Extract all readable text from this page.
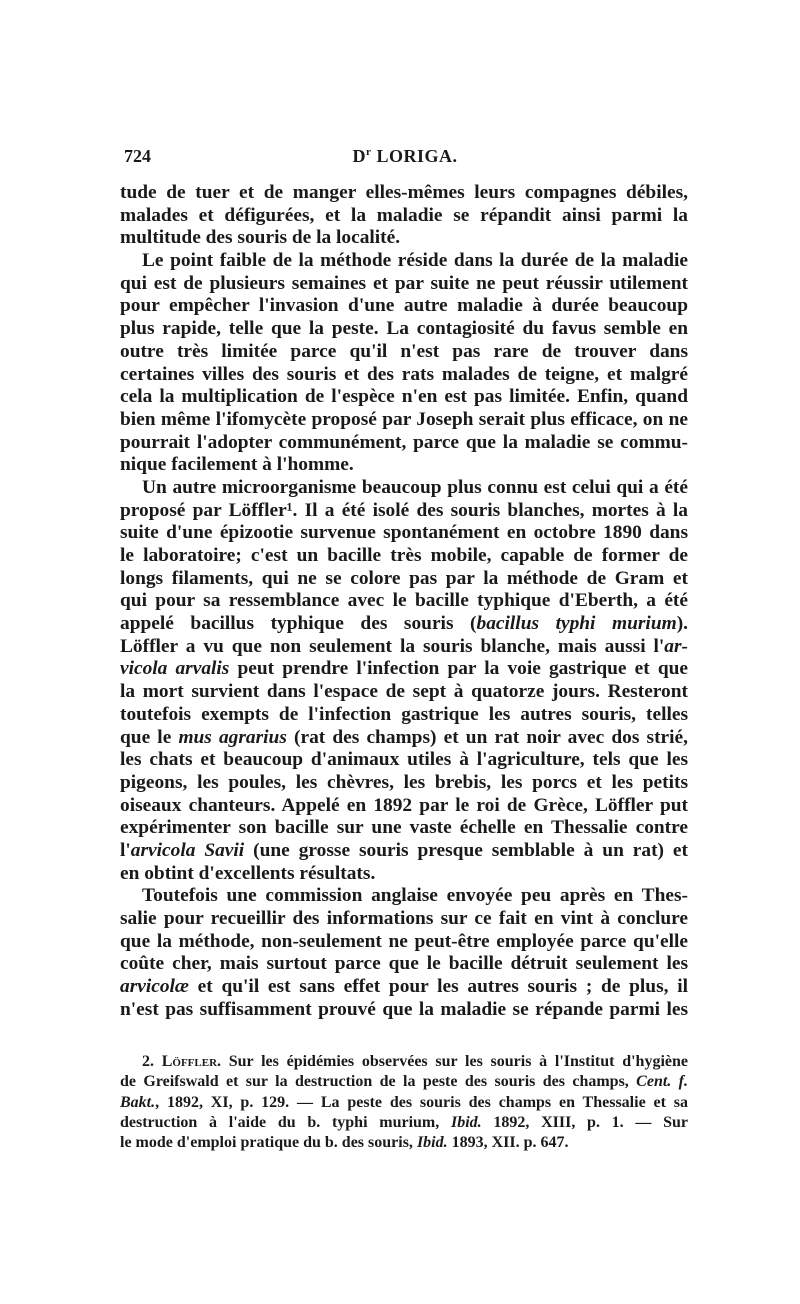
724	$D^r$ LORIGA.
tude de tuer et de manger elles-mêmes leurs compagnes débiles,
malades et défigurées, et la maladie se répandit ainsi parmi la
multitude des souris de la localité.
Le point faible de la méthode réside dans la durée de la maladie
qui est de plusieurs semaines et par suite ne peut réussir utilement
pour empêcher l'invasion d'une autre maladie à durée beaucoup
plus rapide, telle que la peste. La contagiosité du favus semble en
outre très limitée parce qu'il n'est pas rare de trouver dans
certaines villes des souris et des rats malades de teigne, et malgré
cela la multiplication de l'espèce n'en est pas limitée. Enfin, quand
bien même l'ifomycète proposé par Joseph serait plus efficace, on ne
pourrait l'adopter communément, parce que la maladie se commu-
nique facilement à l'homme.
Un autre microorganisme beaucoup plus connu est celui qui a été
proposé par Löffler¹. Il a été isolé des souris blanches, mortes à la
suite d'une épizootie survenue spontanément en octobre 1890 dans
le laboratoire; c'est un bacille très mobile, capable de former de
longs filaments, qui ne se colore pas par la méthode de Gram et
qui pour sa ressemblance avec le bacille typhique d'Eberth, a été
appelé bacillus typhique des souris (bacillus typhi murium).
Löffler a vu que non seulement la souris blanche, mais aussi l'ar-
vicola arvalis peut prendre l'infection par la voie gastrique et que
la mort survient dans l'espace de sept à quatorze jours. Resteront
toutefois exempts de l'infection gastrique les autres souris, telles
que le mus agrarius (rat des champs) et un rat noir avec dos strié,
les chats et beaucoup d'animaux utiles à l'agriculture, tels que les
pigeons, les poules, les chèvres, les brebis, les porcs et les petits
oiseaux chanteurs. Appelé en 1892 par le roi de Grèce, Löffler put
expérimenter son bacille sur une vaste échelle en Thessalie contre
l'arvicola Savii (une grosse souris presque semblable à un rat) et
en obtint d'excellents résultats.
Toutefois une commission anglaise envoyée peu après en Thes-
salie pour recueillir des informations sur ce fait en vint à conclure
que la méthode, non-seulement ne peut-être employée parce qu'elle
coûte cher, mais surtout parce que le bacille détruit seulement les
arvicolæ et qu'il est sans effet pour les autres souris ; de plus, il
n'est pas suffisamment prouvé que la maladie se répande parmi les
2. Löffler. Sur les épidémies observées sur les souris à l'Institut d'hygiène
de Greifswald et sur la destruction de la peste des souris des champs, Cent. f.
Bakt., 1892, XI, p. 129. — La peste des souris des champs en Thessalie et sa
destruction à l'aide du b. typhi murium, Ibid. 1892, XIII, p. 1. — Sur
le mode d'emploi pratique du b. des souris, Ibid. 1893, XII. p. 647.
